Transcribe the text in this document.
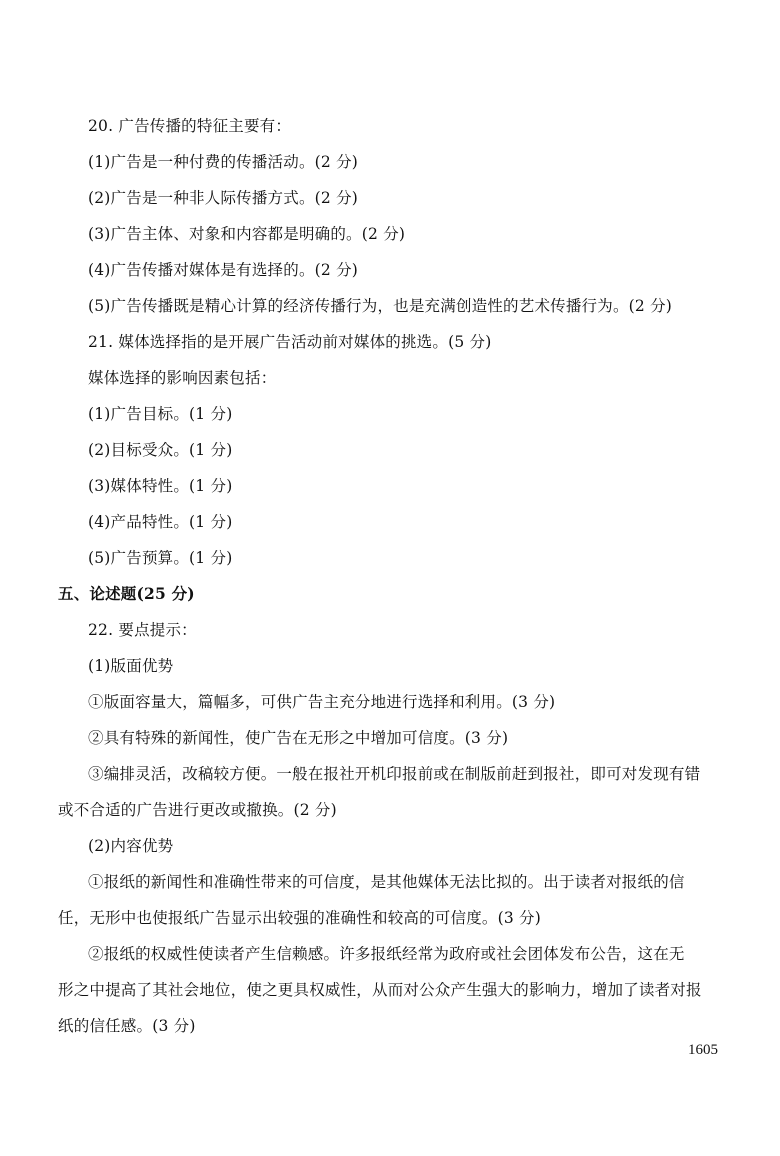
20. 广告传播的特征主要有：
(1)广告是一种付费的传播活动。(2 分)
(2)广告是一种非人际传播方式。(2 分)
(3)广告主体、对象和内容都是明确的。(2 分)
(4)广告传播对媒体是有选择的。(2 分)
(5)广告传播既是精心计算的经济传播行为，也是充满创造性的艺术传播行为。(2 分)
21. 媒体选择指的是开展广告活动前对媒体的挑选。(5 分)
媒体选择的影响因素包括：
(1)广告目标。(1 分)
(2)目标受众。(1 分)
(3)媒体特性。(1 分)
(4)产品特性。(1 分)
(5)广告预算。(1 分)
五、论述题(25 分)
22. 要点提示：
(1)版面优势
①版面容量大，篇幅多，可供广告主充分地进行选择和利用。(3 分)
②具有特殊的新闻性，使广告在无形之中增加可信度。(3 分)
③编排灵活，改稿较方便。一般在报社开机印报前或在制版前赶到报社，即可对发现有错
或不合适的广告进行更改或撤换。(2 分)
(2)内容优势
①报纸的新闻性和准确性带来的可信度，是其他媒体无法比拟的。出于读者对报纸的信
任，无形中也使报纸广告显示出较强的准确性和较高的可信度。(3 分)
②报纸的权威性使读者产生信赖感。许多报纸经常为政府或社会团体发布公告，这在无
形之中提高了其社会地位，使之更具权威性，从而对公众产生强大的影响力，增加了读者对报
纸的信任感。(3 分)
1605
